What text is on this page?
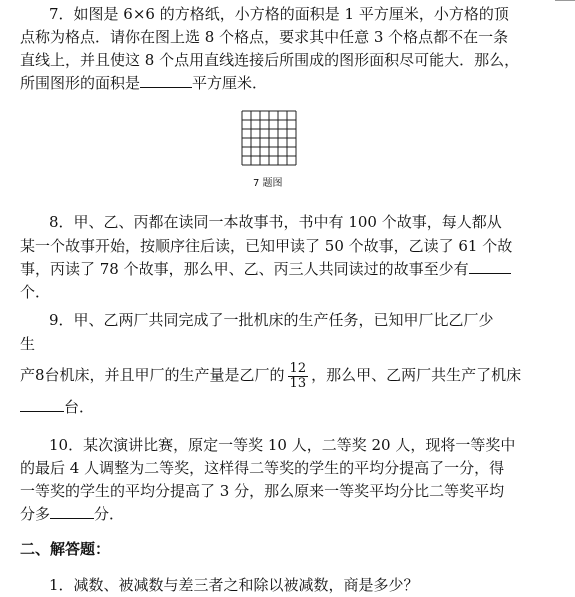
7．如图是 6×6 的方格纸，小方格的面积是 1 平方厘米，小方格的顶
点称为格点．请你在图上选 8 个格点，要求其中任意 3 个格点都不在一条
直线上，并且使这 8 个点用直线连接后所围成的图形面积尽可能大．那么，
所围图形的面积是	平方厘米．
7 题图
8．甲、乙、丙都在读同一本故事书，书中有 100 个故事，每人都从
某一个故事开始，按顺序往后读，已知甲读了 50 个故事，乙读了 61 个故
事，丙读了 78 个故事，那么甲、乙、丙三人共同读过的故事至少有
个．
9．甲、乙两厂共同完成了一批机床的生产任务，已知甲厂比乙厂少
生
产8台机床，并且甲厂的生产量是乙厂的 $\frac{12}{13}$ ，那么甲、乙两厂共生产了机床
台．
10．某次演讲比赛，原定一等奖 10 人，二等奖 20 人，现将一等奖中
的最后 4 人调整为二等奖，这样得二等奖的学生的平均分提高了一分，得
一等奖的学生的平均分提高了 3 分，那么原来一等奖平均分比二等奖平均
分多	分．
二、解答题：
1．减数、被减数与差三者之和除以被减数，商是多少？
